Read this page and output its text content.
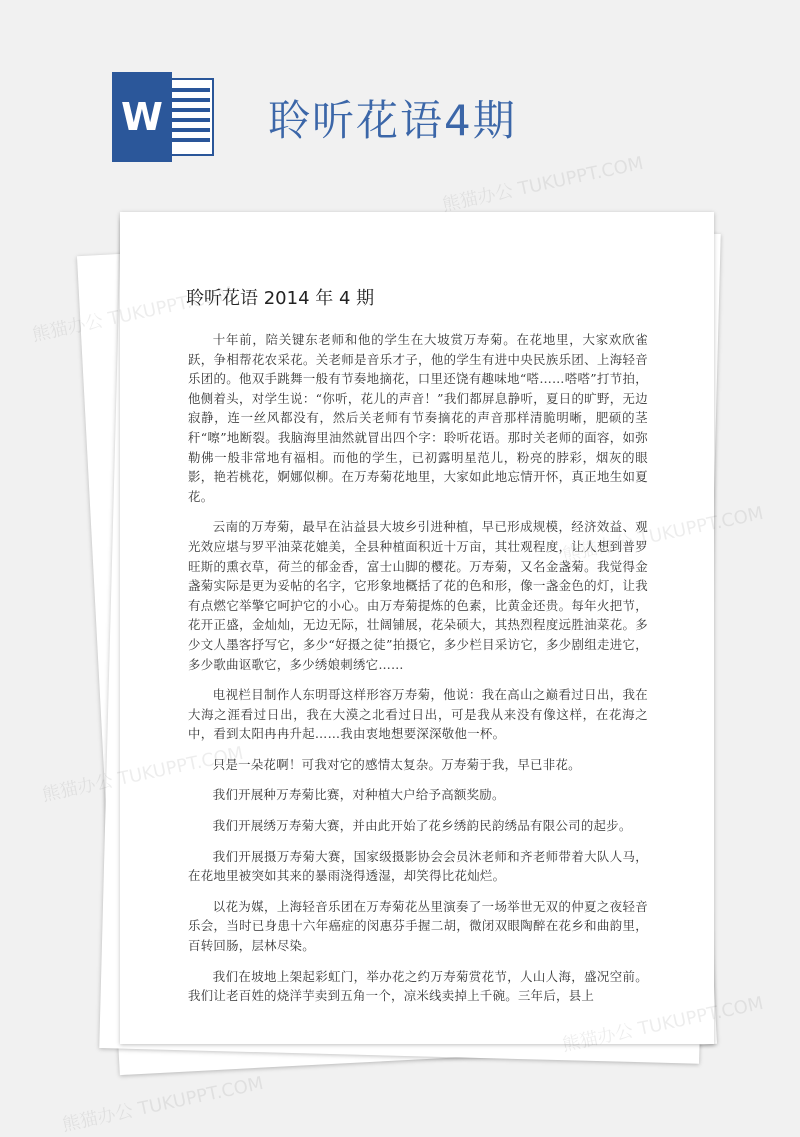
W	聆听花语4期
聆听花语 2014 年 4 期

十年前，陪关键东老师和他的学生在大坡赏万寿菊。在花地里，大家欢欣雀跃，争相帮花农采花。关老师是音乐才子，他的学生有进中央民族乐团、上海轻音乐团的。他双手跳舞一般有节奏地摘花，口里还饶有趣味地“嗒……嗒嗒”打节拍，他侧着头，对学生说：“你听，花儿的声音！”我们都屏息静听，夏日的旷野，无边寂静，连一丝风都没有，然后关老师有节奏摘花的声音那样清脆明晰，肥硕的茎秆“嚓”地断裂。我脑海里油然就冒出四个字：聆听花语。那时关老师的面容，如弥勒佛一般非常地有福相。而他的学生，已初露明星范儿，粉亮的脖彩，烟灰的眼影，艳若桃花，婀娜似柳。在万寿菊花地里，大家如此地忘情开怀，真正地生如夏花。

云南的万寿菊，最早在沾益县大坡乡引进种植，早已形成规模，经济效益、观光效应堪与罗平油菜花媲美，全县种植面积近十万亩，其壮观程度，让人想到普罗旺斯的熏衣草，荷兰的郁金香，富士山脚的樱花。万寿菊，又名金盏菊。我觉得金盏菊实际是更为妥帖的名字，它形象地概括了花的色和形，像一盏金色的灯，让我有点燃它举擎它呵护它的小心。由万寿菊提炼的色素，比黄金还贵。每年火把节，花开正盛，金灿灿，无边无际，壮阔铺展，花朵硕大，其热烈程度远胜油菜花。多少文人墨客抒写它，多少“好摄之徒”拍摄它，多少栏目采访它，多少剧组走进它，多少歌曲讴歌它，多少绣娘刺绣它……

电视栏目制作人东明哥这样形容万寿菊，他说：我在高山之巅看过日出，我在大海之涯看过日出，我在大漠之北看过日出，可是我从来没有像这样，在花海之中，看到太阳冉冉升起……我由衷地想要深深敬他一杯。

只是一朵花啊！可我对它的感情太复杂。万寿菊于我，早已非花。

我们开展种万寿菊比赛，对种植大户给予高额奖励。

我们开展绣万寿菊大赛，并由此开始了花乡绣韵民韵绣品有限公司的起步。

我们开展摄万寿菊大赛，国家级摄影协会会员沐老师和齐老师带着大队人马，在花地里被突如其来的暴雨浇得透湿，却笑得比花灿烂。

以花为媒，上海轻音乐团在万寿菊花丛里演奏了一场举世无双的仲夏之夜轻音乐会，当时已身患十六年癌症的闵惠芬手握二胡，微闭双眼陶醉在花乡和曲韵里，百转回肠，层林尽染。

我们在坡地上架起彩虹门，举办花之约万寿菊赏花节，人山人海，盛况空前。我们让老百姓的烧洋芋卖到五角一个，凉米线卖掉上千碗。三年后，县上

熊猫办公 TUKUPPT.COM
熊猫办公
熊猫办公
熊猫办公 TUKUPPT.COM
